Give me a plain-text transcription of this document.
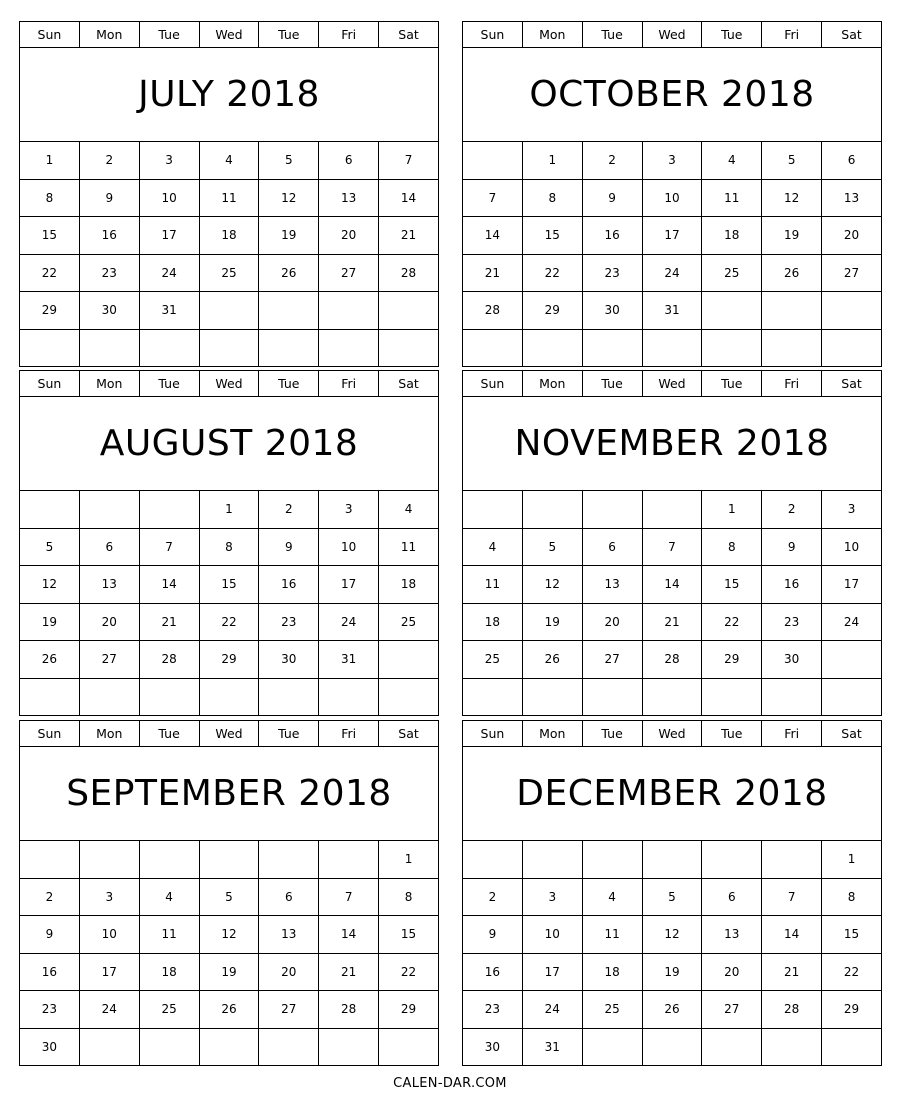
Sun	Mon	Tue	Wed	Tue	Fri	Sat
JULY 2018						
1	2	3	4	5	6	7
8	9	10	11	12	13	14
15	16	17	18	19	20	21
22	23	24	25	26	27	28
29	30	31				

Sun	Mon	Tue	Wed	Tue	Fri	Sat
OCTOBER 2018						
	1	2	3	4	5	6
7	8	9	10	11	12	13
14	15	16	17	18	19	20
21	22	23	24	25	26	27
28	29	30	31			

Sun	Mon	Tue	Wed	Tue	Fri	Sat
AUGUST 2018						
			1	2	3	4
5	6	7	8	9	10	11
12	13	14	15	16	17	18
19	20	21	22	23	24	25
26	27	28	29	30	31	

Sun	Mon	Tue	Wed	Tue	Fri	Sat
NOVEMBER 2018						
				1	2	3
4	5	6	7	8	9	10
11	12	13	14	15	16	17
18	19	20	21	22	23	24
25	26	27	28	29	30	

Sun	Mon	Tue	Wed	Tue	Fri	Sat
SEPTEMBER 2018						
						1
2	3	4	5	6	7	8
9	10	11	12	13	14	15
16	17	18	19	20	21	22
23	24	25	26	27	28	29
30						
Sun	Mon	Tue	Wed	Tue	Fri	Sat
DECEMBER 2018						
						1
2	3	4	5	6	7	8
9	10	11	12	13	14	15
16	17	18	19	20	21	22
23	24	25	26	27	28	29
30	31					
CALEN-DAR.COM
